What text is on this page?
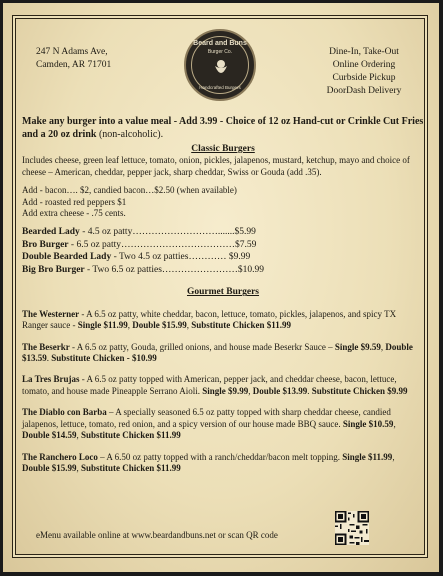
247 N Adams Ave,
Camden, AR 71701
Beard and Buns
Burger Co.
Handcrafted Burgers
Dine-In, Take-Out
Online Ordering
Curbside Pickup
DoorDash Delivery

Make any burger into a value meal - Add 3.99 - Choice of 12 oz Hand-cut or Crinkle Cut Fries and a 20 oz drink (non-alcoholic).

Classic Burgers

Includes cheese, green leaf lettuce, tomato, onion, pickles, jalapenos, mustard, ketchup, mayo and choice of cheese – American, cheddar, pepper jack, sharp cheddar, Swiss or Gouda (add .35).

Add - bacon…. $2, candied bacon…$2.50 (when available)

Add - roasted red peppers $1

Add extra cheese - .75 cents.

Bearded Lady - 4.5 oz patty……………………….......$5.99

Bro Burger - 6.5 oz patty………………………………$7.59

Double Bearded Lady - Two 4.5 oz patties………… $9.99

Big Bro Burger - Two 6.5 oz patties……………………$10.99

Gourmet Burgers

The Westerner - A 6.5 oz patty, white cheddar, bacon, lettuce, tomato, pickles, jalapenos, and spicy TX Ranger sauce - Single $11.99, Double $15.99, Substitute Chicken $11.99

The Beserkr - A 6.5 oz patty, Gouda, grilled onions, and house made Beserkr Sauce – Single $9.59, Double $13.59. Substitute Chicken - $10.99

La Tres Brujas - A 6.5 oz patty topped with American, pepper jack, and cheddar cheese, bacon, lettuce, tomato, and house made Pineapple Serrano Aioli. Single $9.99, Double $13.99. Substitute Chicken $9.99

The Diablo con Barba – A specially seasoned 6.5 oz patty topped with sharp cheddar cheese, candied jalapenos, lettuce, tomato, red onion, and a spicy version of our house made BBQ sauce. Single $10.59, Double $14.59, Substitute Chicken $11.99

The Ranchero Loco – A 6.50 oz patty topped with a ranch/cheddar/bacon melt topping. Single $11.99, Double $15.99, Substitute Chicken $11.99

eMenu available online at www.beardandbuns.net or scan QR code
